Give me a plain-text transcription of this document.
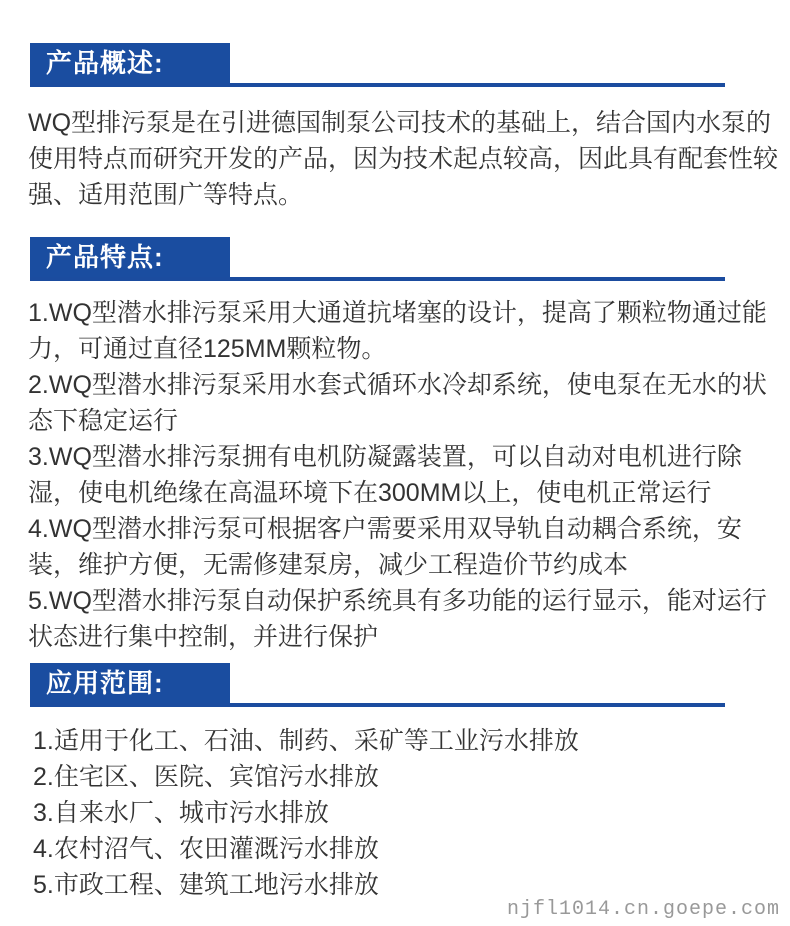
产品概述:
WQ型排污泵是在引进德国制泵公司技术的基础上，结合国内水泵的使用特点而研究开发的产品，因为技术起点较高，因此具有配套性较强、适用范围广等特点。
产品特点:
1.WQ型潜水排污泵采用大通道抗堵塞的设计，提高了颗粒物通过能力，可通过直径125MM颗粒物。
2.WQ型潜水排污泵采用水套式循环水冷却系统，使电泵在无水的状态下稳定运行
3.WQ型潜水排污泵拥有电机防凝露装置，可以自动对电机进行除湿，使电机绝缘在高温环境下在300MM以上，使电机正常运行
4.WQ型潜水排污泵可根据客户需要采用双导轨自动耦合系统，安装，维护方便，无需修建泵房，减少工程造价节约成本
5.WQ型潜水排污泵自动保护系统具有多功能的运行显示，能对运行状态进行集中控制，并进行保护
应用范围:
1.适用于化工、石油、制药、采矿等工业污水排放
2.住宅区、医院、宾馆污水排放
3.自来水厂、城市污水排放
4.农村沼气、农田灌溉污水排放
5.市政工程、建筑工地污水排放
njfl1014.cn.goepe.com
